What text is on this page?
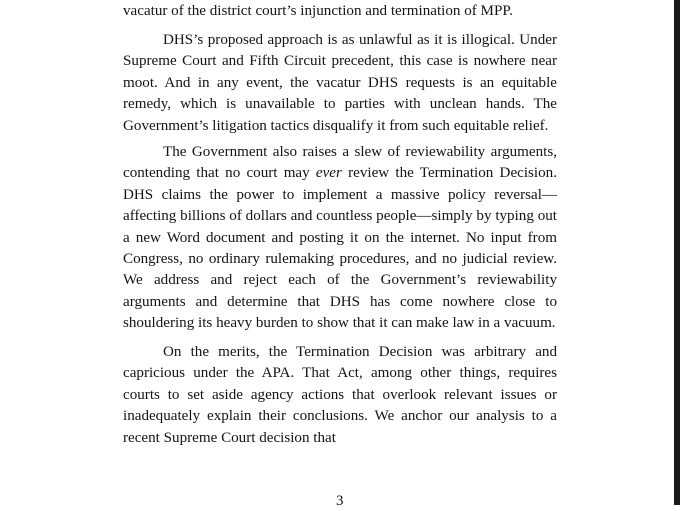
vacatur of the district court’s injunction and termination of MPP.

DHS’s proposed approach is as unlawful as it is illogical. Under Supreme Court and Fifth Circuit precedent, this case is nowhere near moot. And in any event, the vacatur DHS requests is an equitable remedy, which is unavailable to parties with unclean hands. The Government’s litigation tactics disqualify it from such equitable relief.

The Government also raises a slew of reviewability arguments, contending that no court may ever review the Termination Decision. DHS claims the power to implement a massive policy reversal—affecting billions of dollars and countless people—simply by typing out a new Word document and posting it on the internet. No input from Congress, no ordinary rulemaking procedures, and no judicial review. We address and reject each of the Government’s reviewability arguments and determine that DHS has come nowhere close to shouldering its heavy burden to show that it can make law in a vacuum.

On the merits, the Termination Decision was arbitrary and capricious under the APA. That Act, among other things, requires courts to set aside agency actions that overlook relevant issues or inadequately explain their conclusions. We anchor our analysis to a recent Supreme Court decision that

3
